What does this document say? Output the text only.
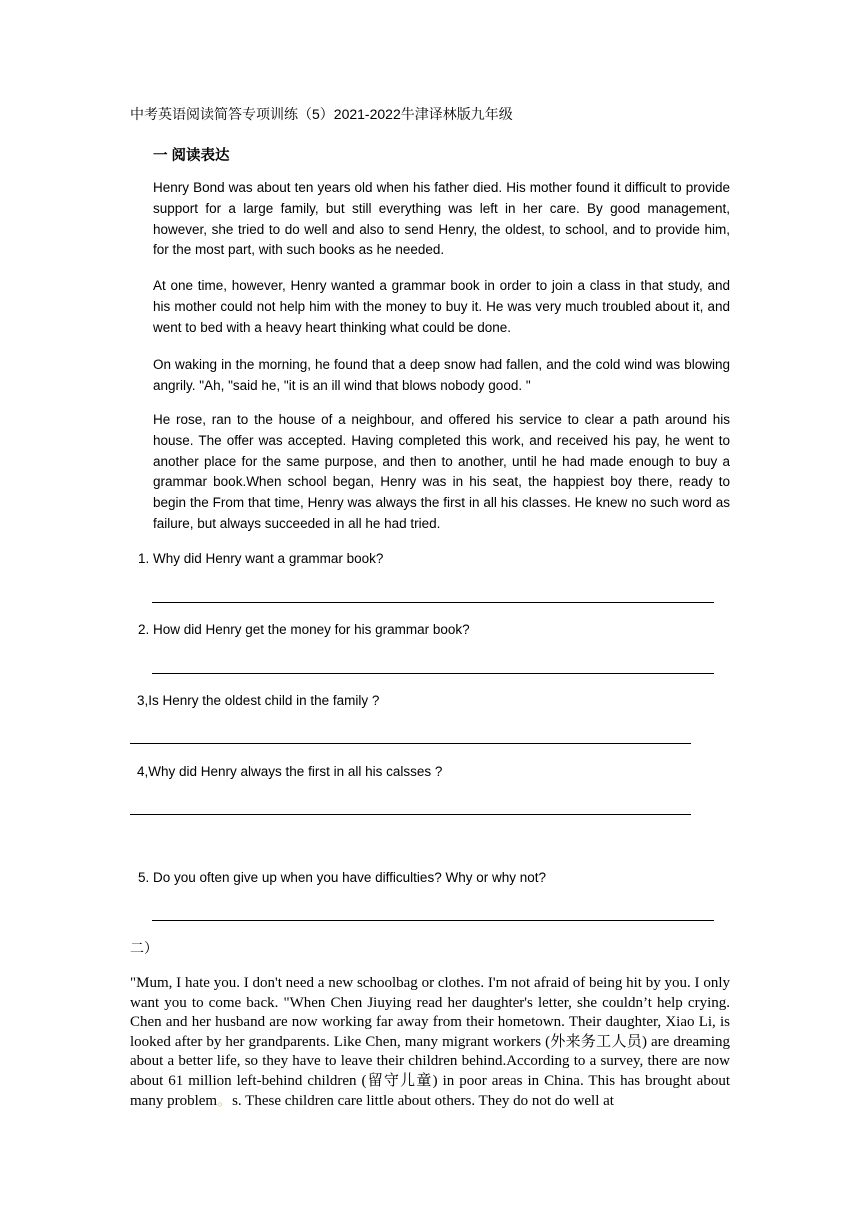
中考英语阅读简答专项训练（5）2021-2022牛津译林版九年级
一 阅读表达

Henry Bond was about ten years old when his father died. His mother found it difficult to provide support for a large family, but still everything was left in her care. By good management, however, she tried to do well and also to send Henry, the oldest, to school, and to provide him, for the most part, with such books as he needed.

At one time, however, Henry wanted a grammar book in order to join a class in that study, and his mother could not help him with the money to buy it. He was very much troubled about it, and went to bed with a heavy heart thinking what could be done.

On waking in the morning, he found that a deep snow had fallen, and the cold wind was blowing angrily. "Ah, "said he, "it is an ill wind that blows nobody good. "

He rose, ran to the house of a neighbour, and offered his service to clear a path around his house. The offer was accepted. Having completed this work, and received his pay, he went to another place for the same purpose, and then to another, until he had made enough to buy a grammar book.When school began, Henry was in his seat, the happiest boy there, ready to begin the From that time, Henry was always the first in all his classes. He knew no such word as failure, but always succeeded in all he had tried.

1. Why did Henry want a grammar book?

2. How did Henry get the money for his grammar book?

3,Is Henry the oldest child in the family ?

4,Why did Henry always the first in all his calsses ?

5. Do you often give up when you have difficulties? Why or why not?

二）

"Mum, I hate you. I don't need a new schoolbag or clothes. I'm not afraid of being hit by you. I only want you to come back. "When Chen Jiuying read her daughter's letter, she couldn’t help crying. Chen and her husband are now working far away from their hometown. Their daughter, Xiao Li, is looked after by her grandparents. Like Chen, many migrant workers (外来务工人员) are dreaming about a better life, so they have to leave their children behind.According to a survey, there are now about 61 million left-behind children (留守儿童) in poor areas in China. This has brought about many problem。s. These children care little about others. They do not do well at
